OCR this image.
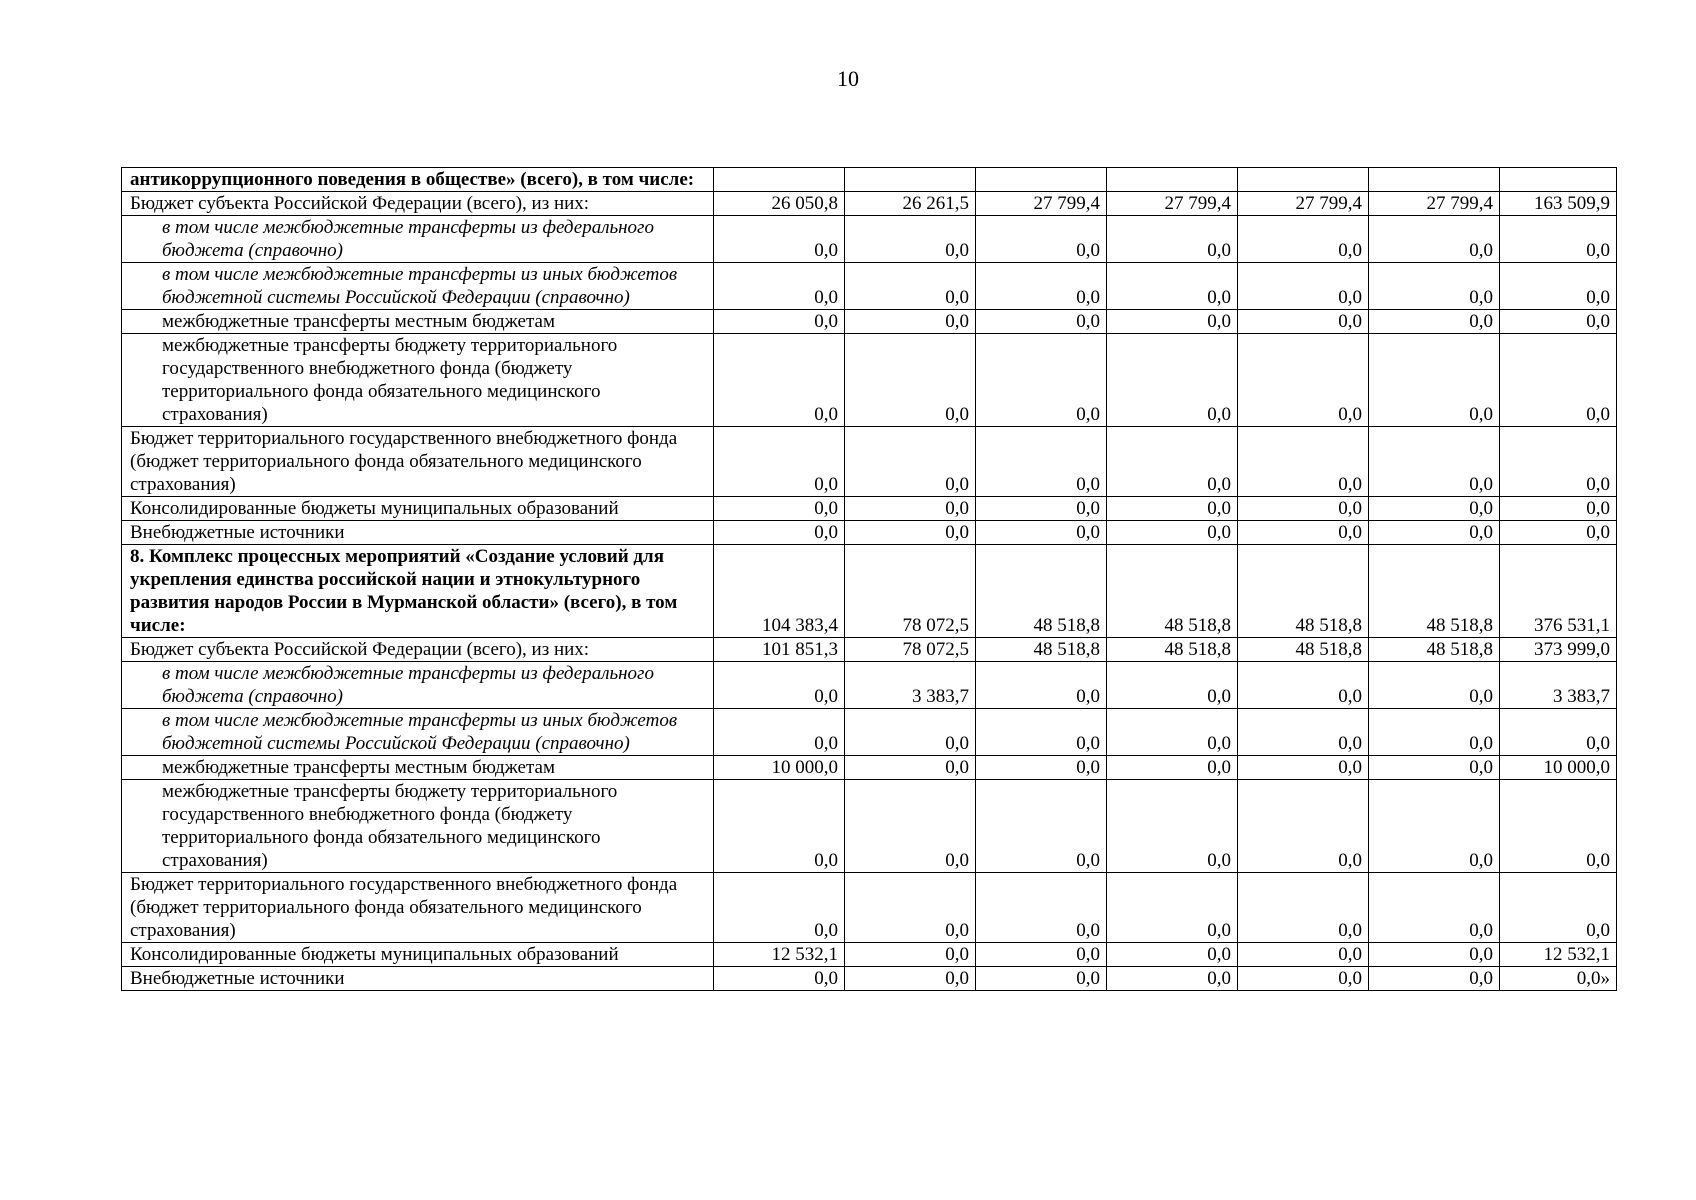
10
антикоррупционного поведения в обществе» (всего), в том числе:							
Бюджет субъекта Российской Федерации (всего), из них:	26 050,8	26 261,5	27 799,4	27 799,4	27 799,4	27 799,4	163 509,9
в том числе межбюджетные трансферты из федерального бюджета (справочно)	0,0	0,0	0,0	0,0	0,0	0,0	0,0
в том числе межбюджетные трансферты из иных бюджетов бюджетной системы Российской Федерации (справочно)	0,0	0,0	0,0	0,0	0,0	0,0	0,0
межбюджетные трансферты местным бюджетам	0,0	0,0	0,0	0,0	0,0	0,0	0,0
межбюджетные трансферты бюджету территориального государственного внебюджетного фонда (бюджету территориального фонда обязательного медицинского страхования)	0,0	0,0	0,0	0,0	0,0	0,0	0,0
Бюджет территориального государственного внебюджетного фонда (бюджет территориального фонда обязательного медицинского страхования)	0,0	0,0	0,0	0,0	0,0	0,0	0,0
Консолидированные бюджеты муниципальных образований	0,0	0,0	0,0	0,0	0,0	0,0	0,0
Внебюджетные источники	0,0	0,0	0,0	0,0	0,0	0,0	0,0
8. Комплекс процессных мероприятий «Создание условий для укрепления единства российской нации и этнокультурного развития народов России в Мурманской области» (всего), в том числе:	104 383,4	78 072,5	48 518,8	48 518,8	48 518,8	48 518,8	376 531,1
Бюджет субъекта Российской Федерации (всего), из них:	101 851,3	78 072,5	48 518,8	48 518,8	48 518,8	48 518,8	373 999,0
в том числе межбюджетные трансферты из федерального бюджета (справочно)	0,0	3 383,7	0,0	0,0	0,0	0,0	3 383,7
в том числе межбюджетные трансферты из иных бюджетов бюджетной системы Российской Федерации (справочно)	0,0	0,0	0,0	0,0	0,0	0,0	0,0
межбюджетные трансферты местным бюджетам	10 000,0	0,0	0,0	0,0	0,0	0,0	10 000,0
межбюджетные трансферты бюджету территориального государственного внебюджетного фонда (бюджету территориального фонда обязательного медицинского страхования)	0,0	0,0	0,0	0,0	0,0	0,0	0,0
Бюджет территориального государственного внебюджетного фонда (бюджет территориального фонда обязательного медицинского страхования)	0,0	0,0	0,0	0,0	0,0	0,0	0,0
Консолидированные бюджеты муниципальных образований	12 532,1	0,0	0,0	0,0	0,0	0,0	12 532,1
Внебюджетные источники	0,0	0,0	0,0	0,0	0,0	0,0	0,0»
